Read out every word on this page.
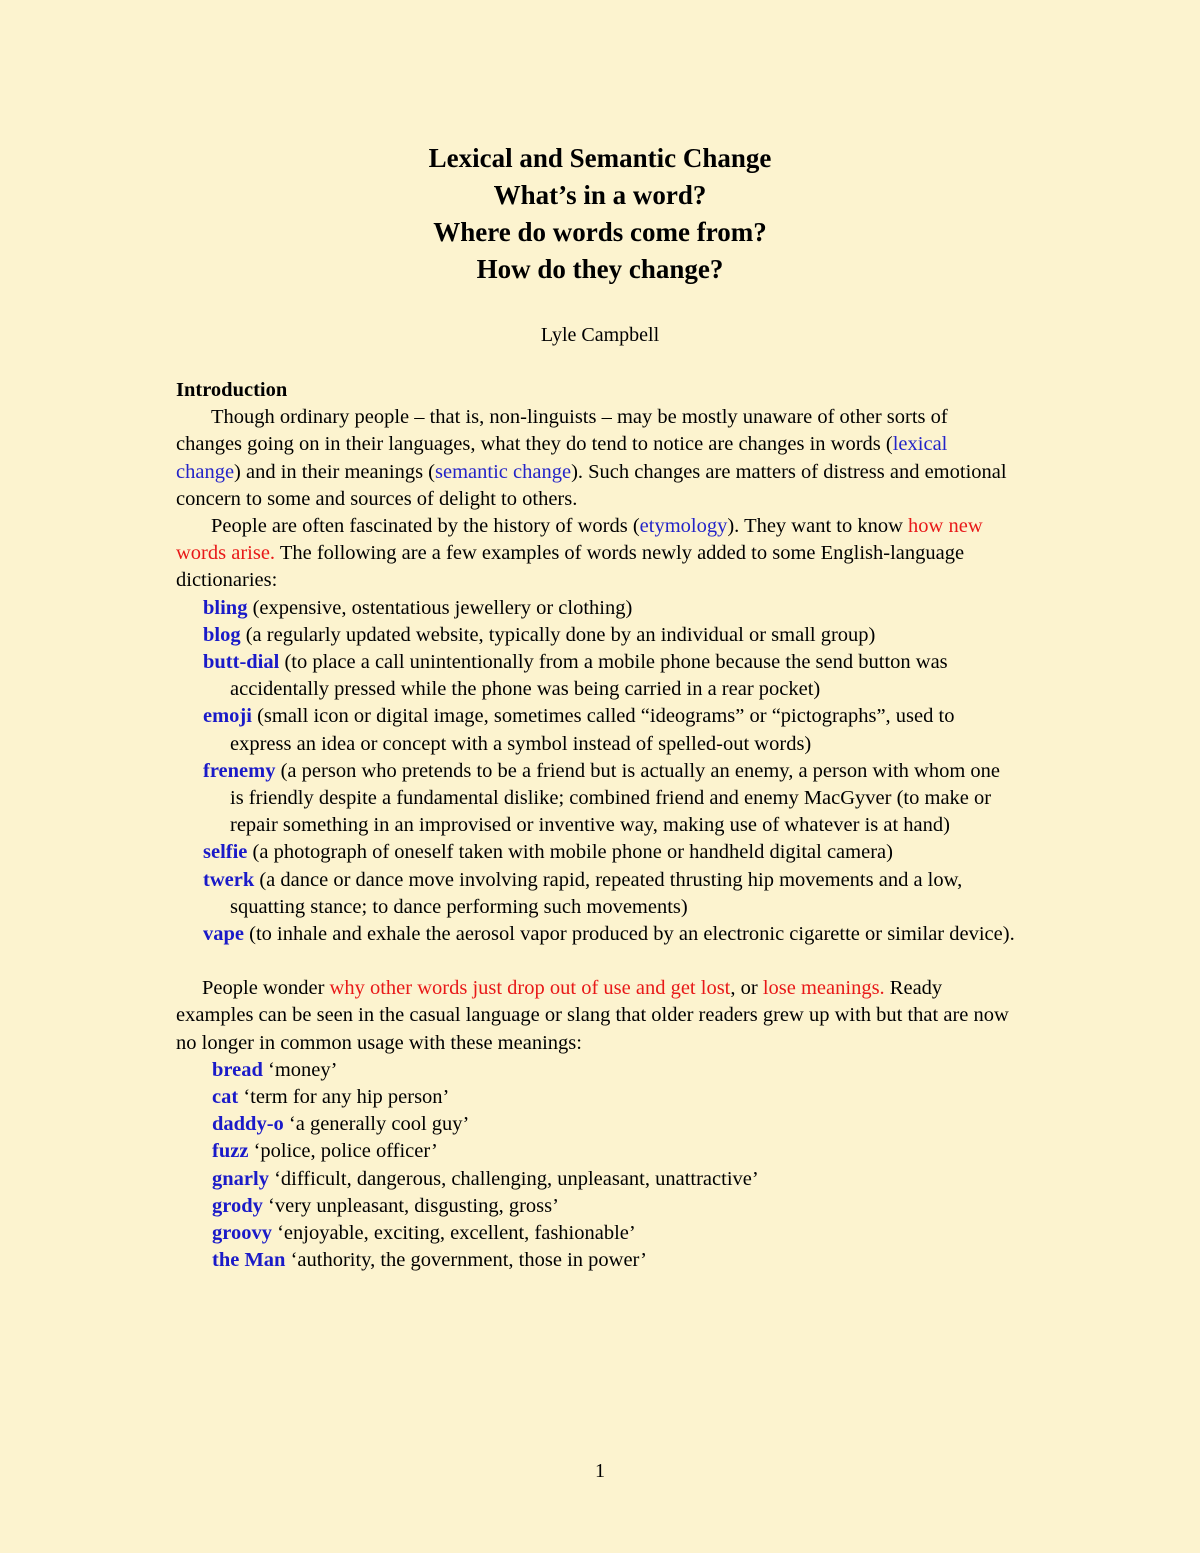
Lexical and Semantic Change
What’s in a word?
Where do words come from?
How do they change?
Lyle Campbell
Introduction

Though ordinary people – that is, non-linguists – may be mostly unaware of other sorts of changes going on in their languages, what they do tend to notice are changes in words (lexical change) and in their meanings (semantic change). Such changes are matters of distress and emotional concern to some and sources of delight to others.

People are often fascinated by the history of words (etymology). They want to know how new words arise. The following are a few examples of words newly added to some English-language dictionaries:

bling (expensive, ostentatious jewellery or clothing)
blog (a regularly updated website, typically done by an individual or small group)
butt-dial (to place a call unintentionally from a mobile phone because the send button was accidentally pressed while the phone was being carried in a rear pocket)
emoji (small icon or digital image, sometimes called “ideograms” or “pictographs”, used to express an idea or concept with a symbol instead of spelled-out words)
frenemy (a person who pretends to be a friend but is actually an enemy, a person with whom one is friendly despite a fundamental dislike; combined friend and enemy MacGyver (to make or repair something in an improvised or inventive way, making use of whatever is at hand)
selfie (a photograph of oneself taken with mobile phone or handheld digital camera)
twerk (a dance or dance move involving rapid, repeated thrusting hip movements and a low, squatting stance; to dance performing such movements)
vape (to inhale and exhale the aerosol vapor produced by an electronic cigarette or similar device).

People wonder why other words just drop out of use and get lost, or lose meanings. Ready examples can be seen in the casual language or slang that older readers grew up with but that are now no longer in common usage with these meanings:

bread ‘money’
cat ‘term for any hip person’
daddy-o ‘a generally cool guy’
fuzz ‘police, police officer’
gnarly ‘difficult, dangerous, challenging, unpleasant, unattractive’
grody ‘very unpleasant, disgusting, gross’
groovy ‘enjoyable, exciting, excellent, fashionable’
the Man ‘authority, the government, those in power’
1
